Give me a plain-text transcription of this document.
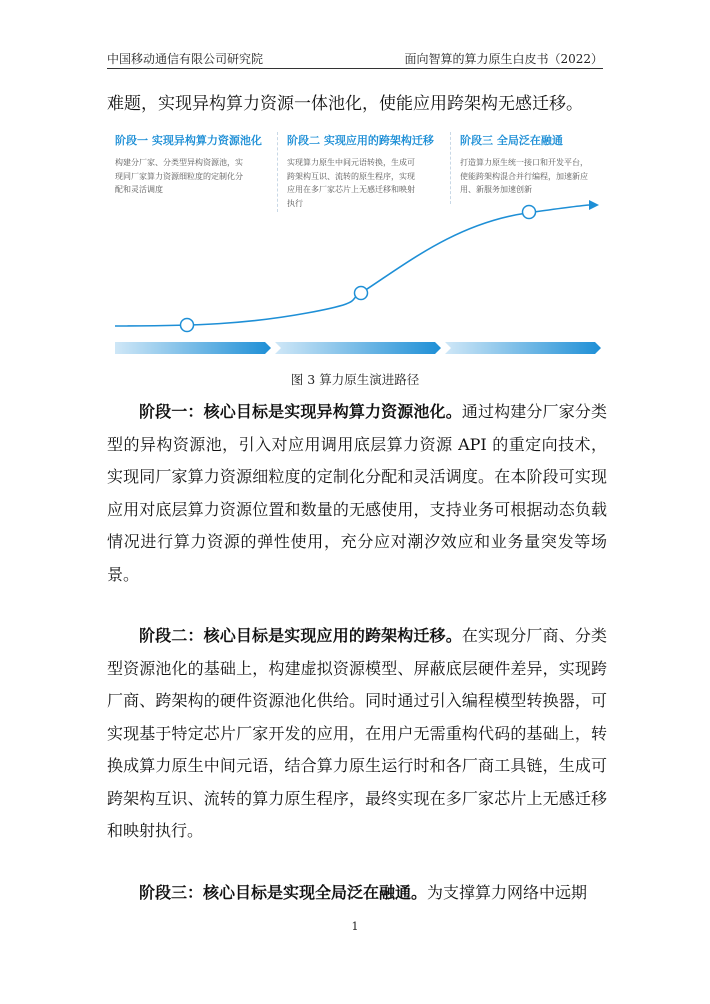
中国移动通信有限公司研究院	面向智算的算力原生白皮书（2022）
难题，实现异构算力资源一体池化，使能应用跨架构无感迁移。
阶段一 实现异构算力资源池化
构建分厂家、分类型异构资源池，实
现同厂家算力资源细粒度的定制化分
配和灵活调度
阶段二 实现应用的跨架构迁移
实现算力原生中间元语转换，生成可
跨架构互识、流转的原生程序，实现
应用在多厂家芯片上无感迁移和映射
执行
阶段三 全局泛在融通
打造算力原生统一接口和开发平台，
使能跨架构混合并行编程，加速新应
用、新服务加速创新
图 3 算力原生演进路径

阶段一：核心目标是实现异构算力资源池化。通过构建分厂家分类型的异构资源池，引入对应用调用底层算力资源 API 的重定向技术，实现同厂家算力资源细粒度的定制化分配和灵活调度。在本阶段可实现应用对底层算力资源位置和数量的无感使用，支持业务可根据动态负载情况进行算力资源的弹性使用，充分应对潮汐效应和业务量突发等场景。

阶段二：核心目标是实现应用的跨架构迁移。在实现分厂商、分类型资源池化的基础上，构建虚拟资源模型、屏蔽底层硬件差异，实现跨厂商、跨架构的硬件资源池化供给。同时通过引入编程模型转换器，可实现基于特定芯片厂家开发的应用，在用户无需重构代码的基础上，转换成算力原生中间元语，结合算力原生运行时和各厂商工具链，生成可跨架构互识、流转的算力原生程序，最终实现在多厂家芯片上无感迁移和映射执行。

阶段三：核心目标是实现全局泛在融通。为支撑算力网络中远期

1
